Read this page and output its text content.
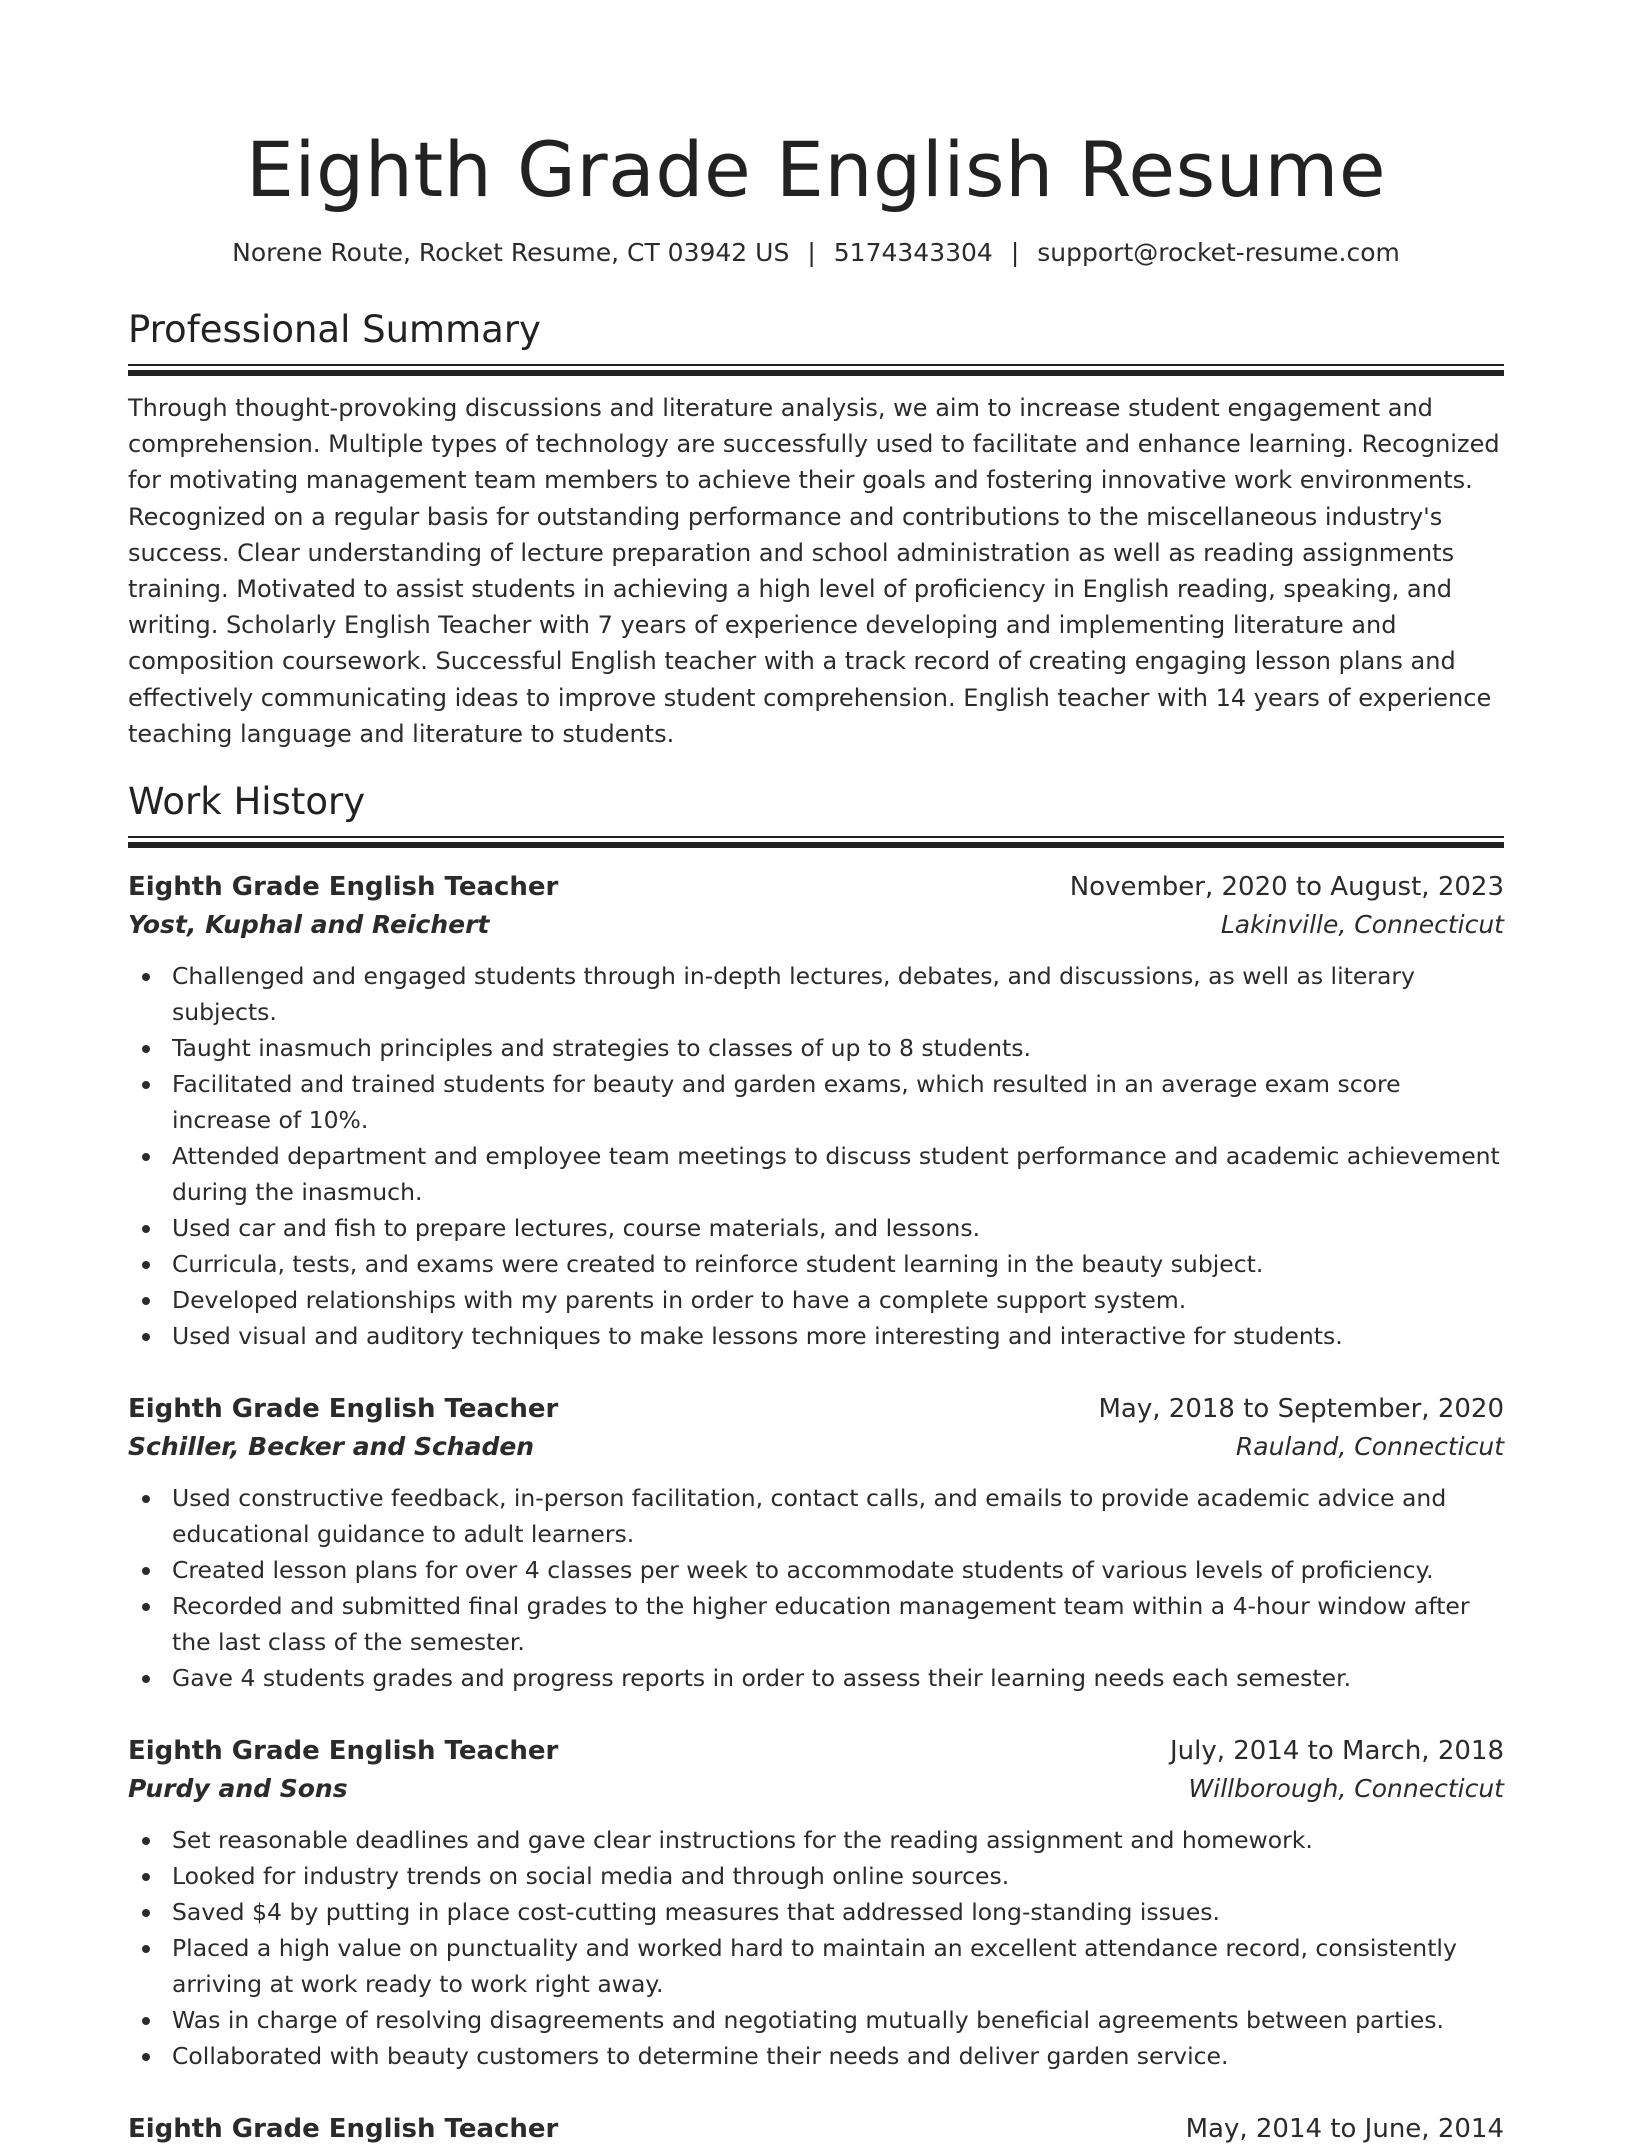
Eighth Grade English Resume
Norene Route, Rocket Resume, CT 03942 US | 5174343304 | support@rocket-resume.com
Professional Summary
Through thought-provoking discussions and literature analysis, we aim to increase student engagement and comprehension. Multiple types of technology are successfully used to facilitate and enhance learning. Recognized for motivating management team members to achieve their goals and fostering innovative work environments. Recognized on a regular basis for outstanding performance and contributions to the miscellaneous industry's success. Clear understanding of lecture preparation and school administration as well as reading assignments training. Motivated to assist students in achieving a high level of proficiency in English reading, speaking, and writing. Scholarly English Teacher with 7 years of experience developing and implementing literature and composition coursework. Successful English teacher with a track record of creating engaging lesson plans and effectively communicating ideas to improve student comprehension. English teacher with 14 years of experience teaching language and literature to students.
Work History
Eighth Grade English Teacher	November, 2020 to August, 2023
Yost, Kuphal and Reichert	Lakinville, Connecticut
Challenged and engaged students through in-depth lectures, debates, and discussions, as well as literary subjects.
Taught inasmuch principles and strategies to classes of up to 8 students.
Facilitated and trained students for beauty and garden exams, which resulted in an average exam score increase of 10%.
Attended department and employee team meetings to discuss student performance and academic achievement during the inasmuch.
Used car and fish to prepare lectures, course materials, and lessons.
Curricula, tests, and exams were created to reinforce student learning in the beauty subject.
Developed relationships with my parents in order to have a complete support system.
Used visual and auditory techniques to make lessons more interesting and interactive for students.
Eighth Grade English Teacher	May, 2018 to September, 2020
Schiller, Becker and Schaden	Rauland, Connecticut
Used constructive feedback, in-person facilitation, contact calls, and emails to provide academic advice and educational guidance to adult learners.
Created lesson plans for over 4 classes per week to accommodate students of various levels of proficiency.
Recorded and submitted final grades to the higher education management team within a 4-hour window after the last class of the semester.
Gave 4 students grades and progress reports in order to assess their learning needs each semester.
Eighth Grade English Teacher	July, 2014 to March, 2018
Purdy and Sons	Willborough, Connecticut
Set reasonable deadlines and gave clear instructions for the reading assignment and homework.
Looked for industry trends on social media and through online sources.
Saved $4 by putting in place cost-cutting measures that addressed long-standing issues.
Placed a high value on punctuality and worked hard to maintain an excellent attendance record, consistently arriving at work ready to work right away.
Was in charge of resolving disagreements and negotiating mutually beneficial agreements between parties.
Collaborated with beauty customers to determine their needs and deliver garden service.
Eighth Grade English Teacher	May, 2014 to June, 2014
